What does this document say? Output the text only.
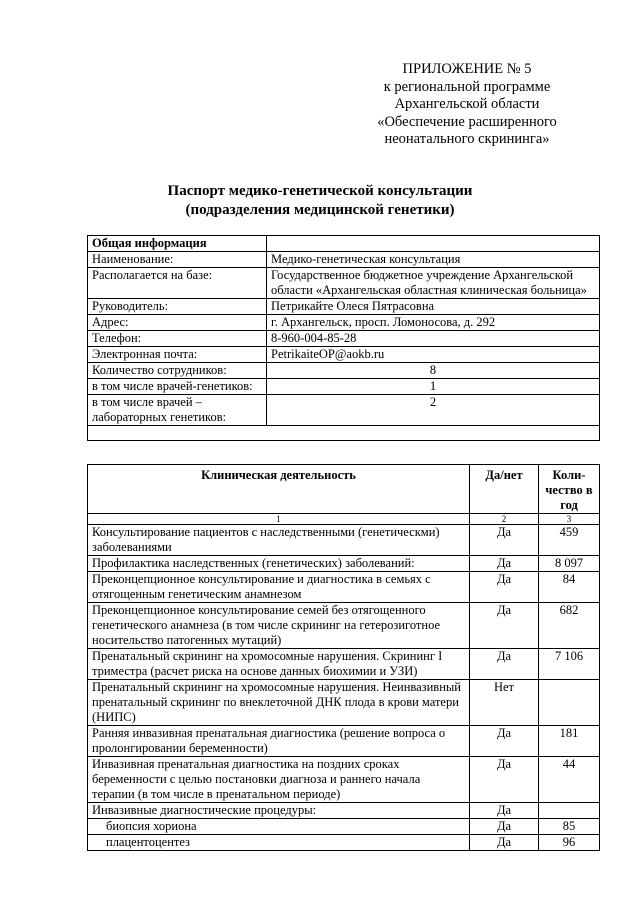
ПРИЛОЖЕНИЕ № 5
к региональной программе
Архангельской области
«Обеспечение расширенного
неонатального скрининга»
Паспорт медико-генетической консультации
(подразделения медицинской генетики)
Общая информация	
Наименование:	Медико-генетическая консультация
Располагается на базе:	Государственное бюджетное учреждение Архангельской области «Архангельская областная клиническая больница»
Руководитель:	Петрикайте Олеся Пятрасовна
Адрес:	г. Архангельск, просп. Ломоносова, д. 292
Телефон:	8-960-004-85-28
Электронная почта:	PetrikaiteOP@aokb.ru
Количество сотрудников:	8
в том числе врачей-генетиков:	1
в том числе врачей – лабораторных генетиков:	2

Клиническая деятельность	Да/нет	Коли-чество в год
1	2	3
Консультирование пациентов с наследственными (генетическми) заболеваниями	Да	459
Профилактика наследственных (генетических) заболеваний:	Да	8 097
Преконцепционное консультирование и диагностика в семьях с отягощенным генетическим анамнезом	Да	84
Преконцепционное консультирование семей без отягощенного генетического анамнеза (в том числе скрининг на гетерозиготное носительство патогенных мутаций)	Да	682
Пренатальный скрининг на хромосомные нарушения. Скрининг I триместра (расчет риска на основе данных биохимии и УЗИ)	Да	7 106
Пренатальный скрининг на хромосомные нарушения. Неинвазивный пренатальный скрининг по внеклеточной ДНК плода в крови матери (НИПС)	Нет	
Ранняя инвазивная пренатальная диагностика (решение вопроса о пролонгировании беременности)	Да	181
Инвазивная пренатальная диагностика на поздних сроках беременности с целью постановки диагноза и раннего начала терапии (в том числе в пренатальном периоде)	Да	44
Инвазивные диагностические процедуры:	Да	
биопсия хориона	Да	85
плацентоцентез	Да	96
